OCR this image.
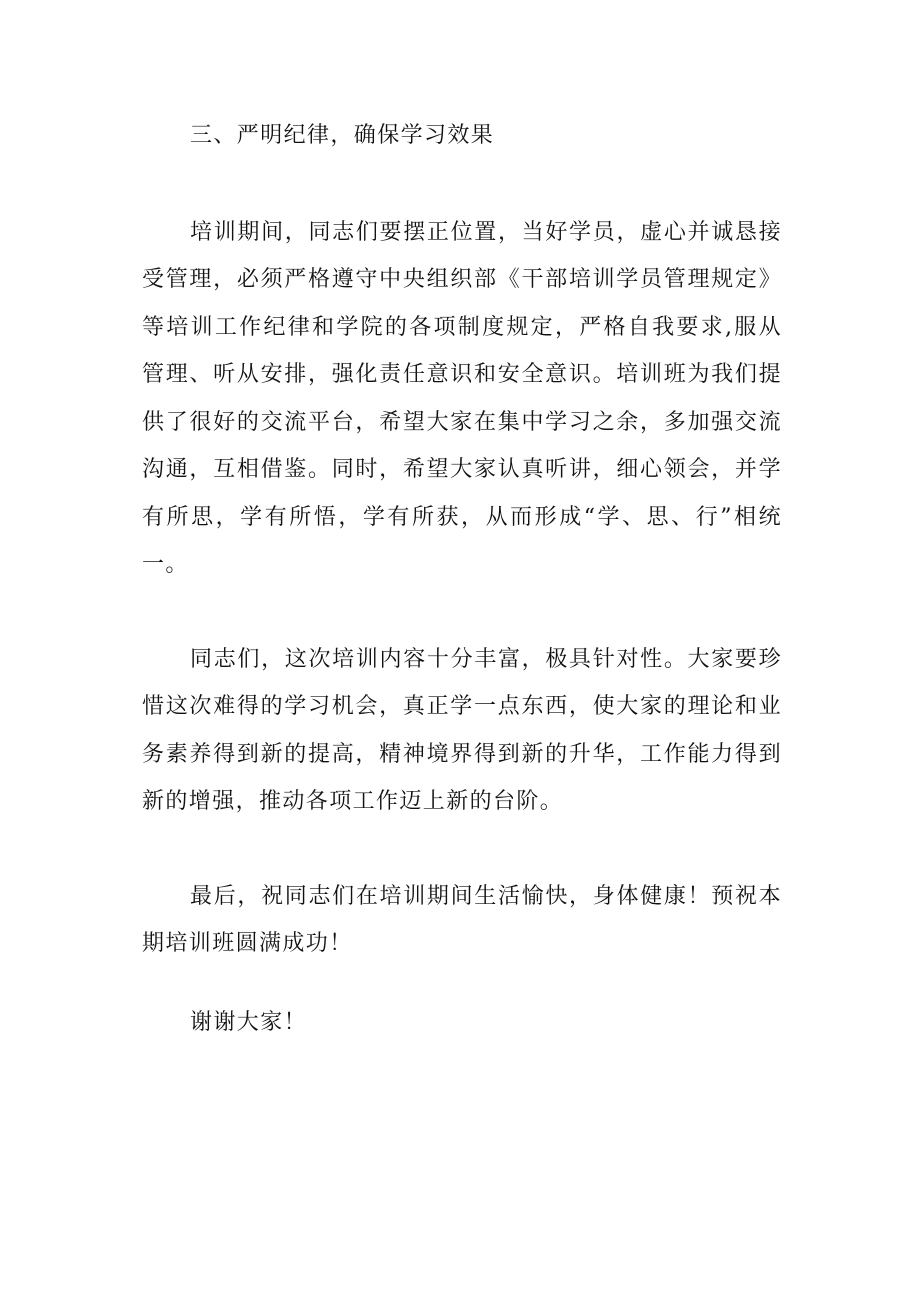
三、严明纪律，确保学习效果

培训期间，同志们要摆正位置，当好学员，虚心并诚恳接受管理，必须严格遵守中央组织部《干部培训学员管理规定》等培训工作纪律和学院的各项制度规定，严格自我要求,服从管理、听从安排，强化责任意识和安全意识。培训班为我们提供了很好的交流平台，希望大家在集中学习之余，多加强交流沟通，互相借鉴。同时，希望大家认真听讲，细心领会，并学有所思，学有所悟，学有所获，从而形成“学、思、行”相统一。

同志们，这次培训内容十分丰富，极具针对性。大家要珍惜这次难得的学习机会，真正学一点东西，使大家的理论和业务素养得到新的提高，精神境界得到新的升华，工作能力得到新的增强，推动各项工作迈上新的台阶。

最后，祝同志们在培训期间生活愉快，身体健康！预祝本期培训班圆满成功！

谢谢大家！
